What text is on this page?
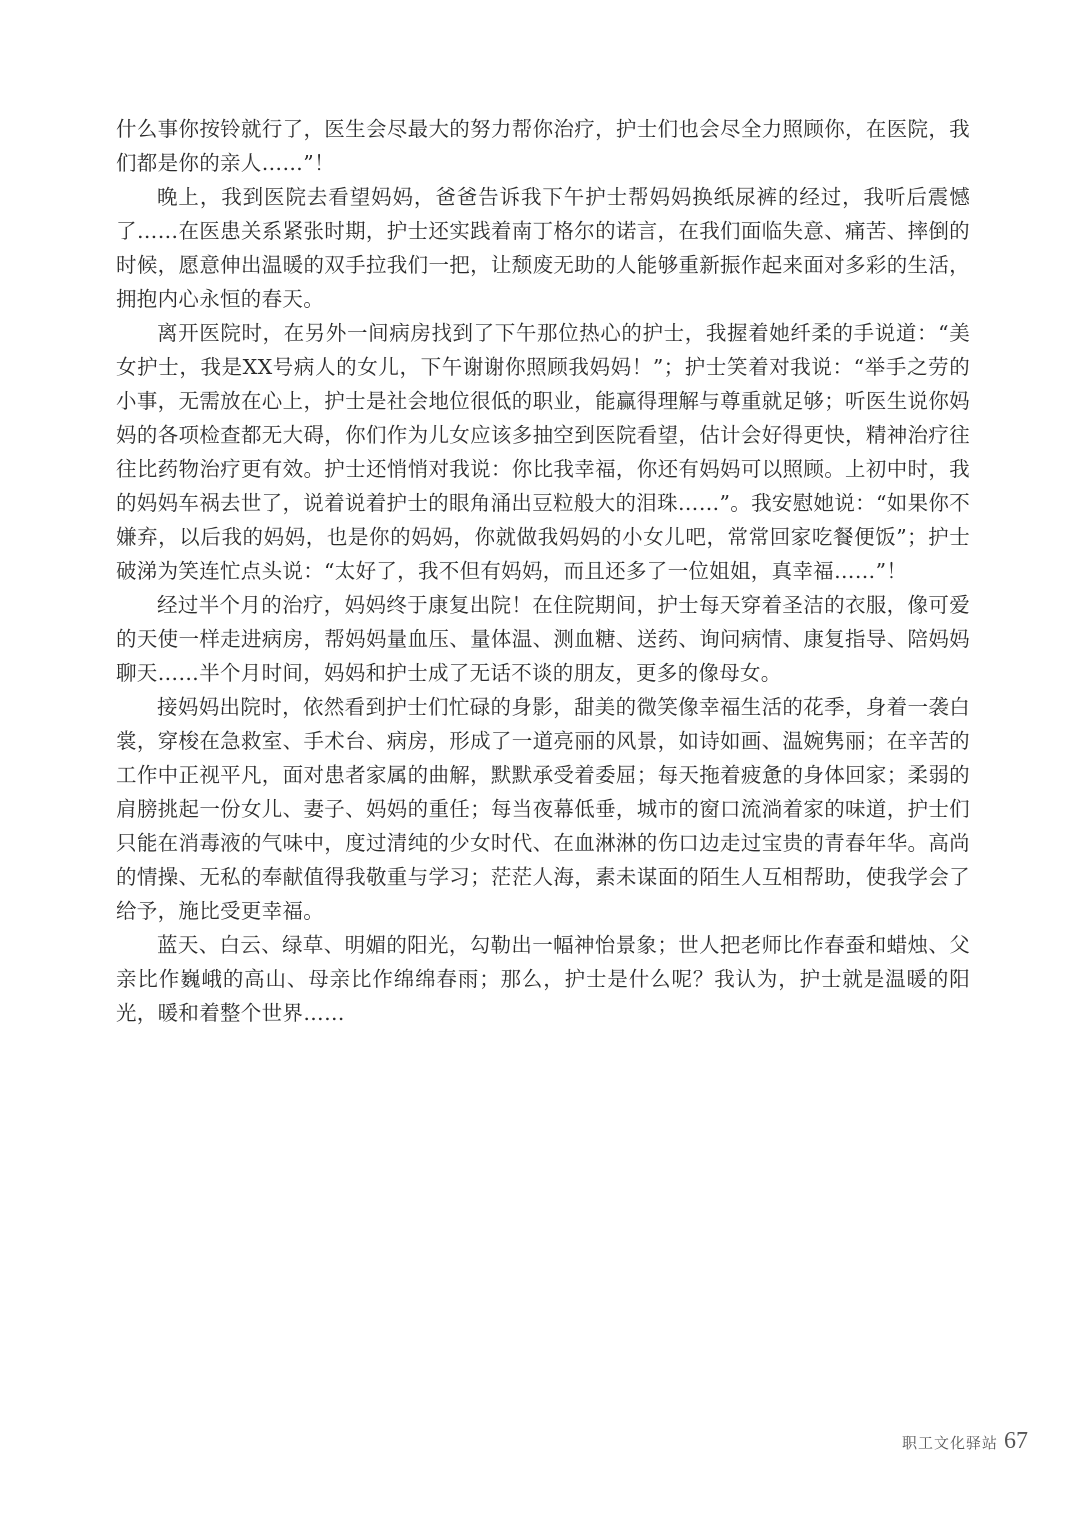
什么事你按铃就行了，医生会尽最大的努力帮你治疗，护士们也会尽全力照顾你，在医院，我们都是你的亲人……”！

晚上，我到医院去看望妈妈，爸爸告诉我下午护士帮妈妈换纸尿裤的经过，我听后震憾了……在医患关系紧张时期，护士还实践着南丁格尔的诺言，在我们面临失意、痛苦、摔倒的时候，愿意伸出温暖的双手拉我们一把，让颓废无助的人能够重新振作起来面对多彩的生活，拥抱内心永恒的春天。

离开医院时，在另外一间病房找到了下午那位热心的护士，我握着她纤柔的手说道：“美女护士，我是XX号病人的女儿，下午谢谢你照顾我妈妈！”；护士笑着对我说：“举手之劳的小事，无需放在心上，护士是社会地位很低的职业，能赢得理解与尊重就足够；听医生说你妈妈的各项检查都无大碍，你们作为儿女应该多抽空到医院看望，估计会好得更快，精神治疗往往比药物治疗更有效。护士还悄悄对我说：你比我幸福，你还有妈妈可以照顾。上初中时，我的妈妈车祸去世了，说着说着护士的眼角涌出豆粒般大的泪珠……”。我安慰她说：“如果你不嫌弃，以后我的妈妈，也是你的妈妈，你就做我妈妈的小女儿吧，常常回家吃餐便饭”；护士破涕为笑连忙点头说：“太好了，我不但有妈妈，而且还多了一位姐姐，真幸福……”！

经过半个月的治疗，妈妈终于康复出院！在住院期间，护士每天穿着圣洁的衣服，像可爱的天使一样走进病房，帮妈妈量血压、量体温、测血糖、送药、询问病情、康复指导、陪妈妈聊天……半个月时间，妈妈和护士成了无话不谈的朋友，更多的像母女。

接妈妈出院时，依然看到护士们忙碌的身影，甜美的微笑像幸福生活的花季，身着一袭白裳，穿梭在急救室、手术台、病房，形成了一道亮丽的风景，如诗如画、温婉隽丽；在辛苦的工作中正视平凡，面对患者家属的曲解，默默承受着委屈；每天拖着疲惫的身体回家；柔弱的肩膀挑起一份女儿、妻子、妈妈的重任；每当夜幕低垂，城市的窗口流淌着家的味道，护士们只能在消毒液的气味中，度过清纯的少女时代、在血淋淋的伤口边走过宝贵的青春年华。高尚的情操、无私的奉献值得我敬重与学习；茫茫人海，素未谋面的陌生人互相帮助，使我学会了给予，施比受更幸福。

蓝天、白云、绿草、明媚的阳光，勾勒出一幅神怡景象；世人把老师比作春蚕和蜡烛、父亲比作巍峨的高山、母亲比作绵绵春雨；那么，护士是什么呢？我认为，护士就是温暖的阳光，暖和着整个世界……

职工文化驿站 67
